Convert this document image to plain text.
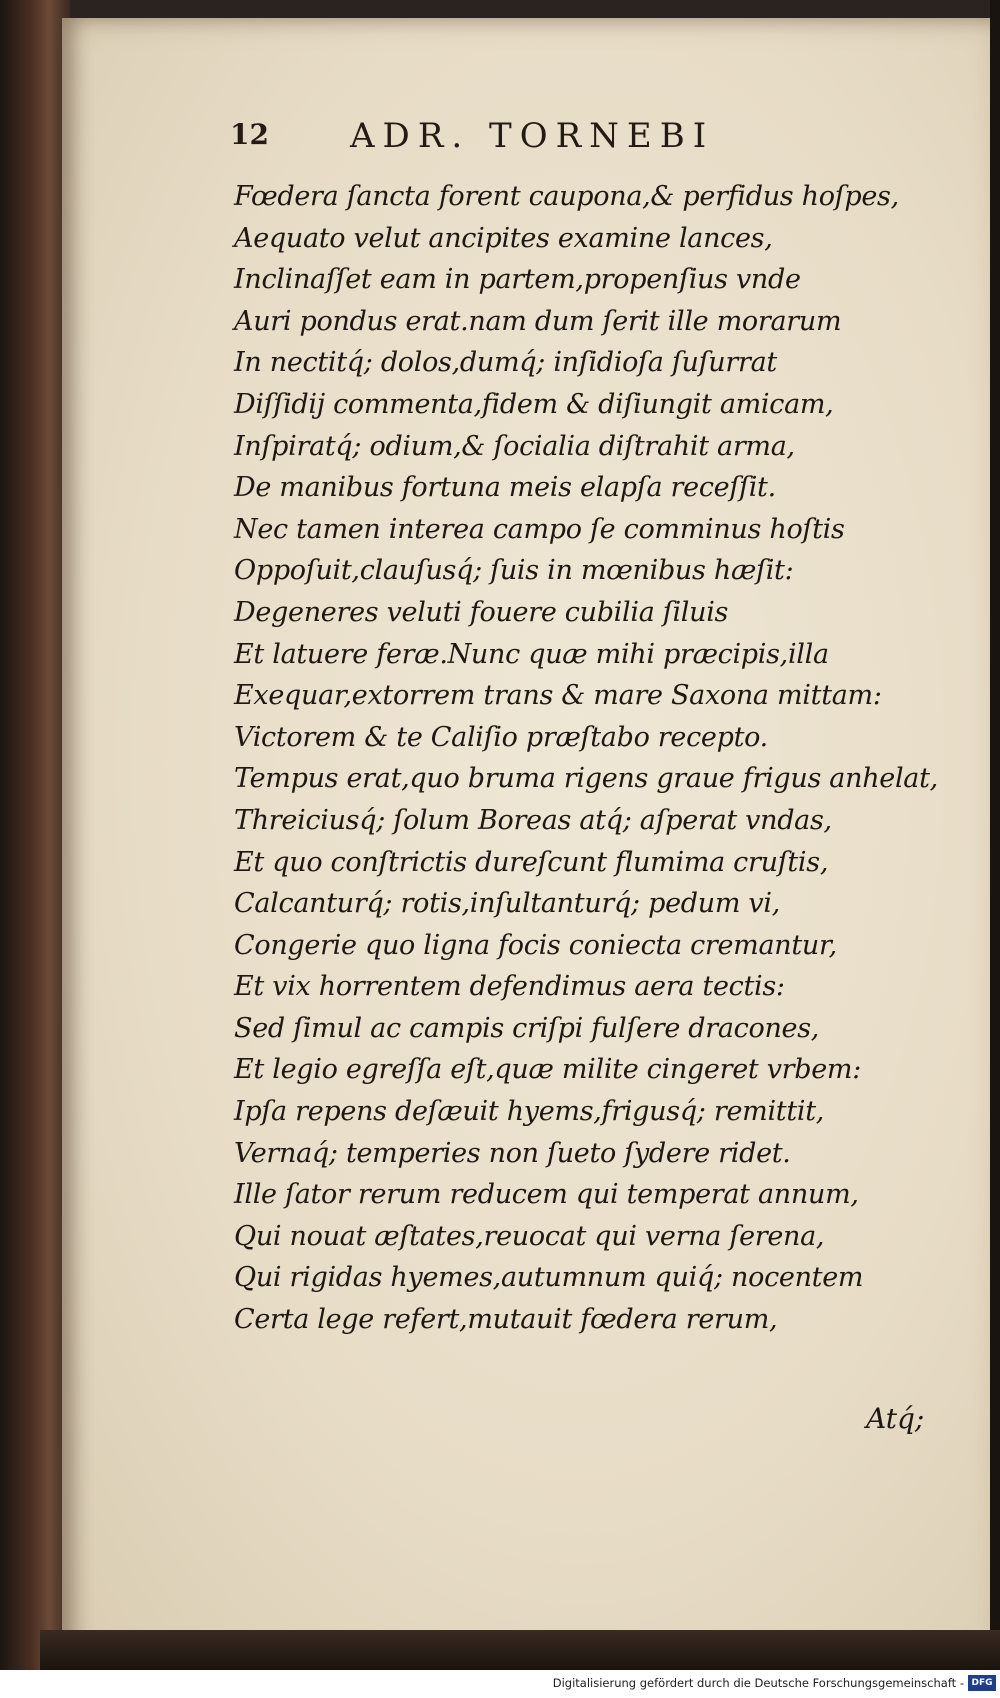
12 ADR. TORNEBI
Fœdera ſancta forent caupona,& perfidus hoſpes,
Aequato velut ancipites examine lances,
Inclinaſſet eam in partem,propenſius vnde
Auri pondus erat.nam dum ſerit ille morarum
In nectitq́; dolos,dumq́; inſidioſa ſuſurrat
Diſſidij commenta,fidem & diſiungit amicam,
Inſpiratq́; odium,& ſocialia diſtrahit arma,
De manibus fortuna meis elapſa receſſit.
Nec tamen interea campo ſe comminus hoſtis
Oppoſuit,clauſusq́; ſuis in mœnibus hæſit:
Degeneres veluti fouere cubilia ſiluis
Et latuere feræ.Nunc quæ mihi præcipis,illa
Exequar,extorrem trans & mare Saxona mittam:
Victorem & te Caliſio præſtabo recepto.
Tempus erat,quo bruma rigens graue frigus anhelat,
Threiciusq́; ſolum Boreas atq́; aſperat vndas,
Et quo conſtrictis dureſcunt flumima cruſtis,
Calcanturq́; rotis,inſultanturq́; pedum vi,
Congerie quo ligna focis coniecta cremantur,
Et vix horrentem defendimus aera tectis:
Sed ſimul ac campis criſpi fulſere dracones,
Et legio egreſſa eſt,quæ milite cingeret vrbem:
Ipſa repens deſæuit hyems,frigusq́; remittit,
Vernaq́; temperies non ſueto ſydere ridet.
Ille ſator rerum reducem qui temperat annum,
Qui nouat æſtates,reuocat qui verna ſerena,
Qui rigidas hyemes,autumnum quiq́; nocentem
Certa lege refert,mutauit fœdera rerum,
Atq́;
Digitalisierung gefördert durch die Deutsche Forschungsgemeinschaft - DFG
